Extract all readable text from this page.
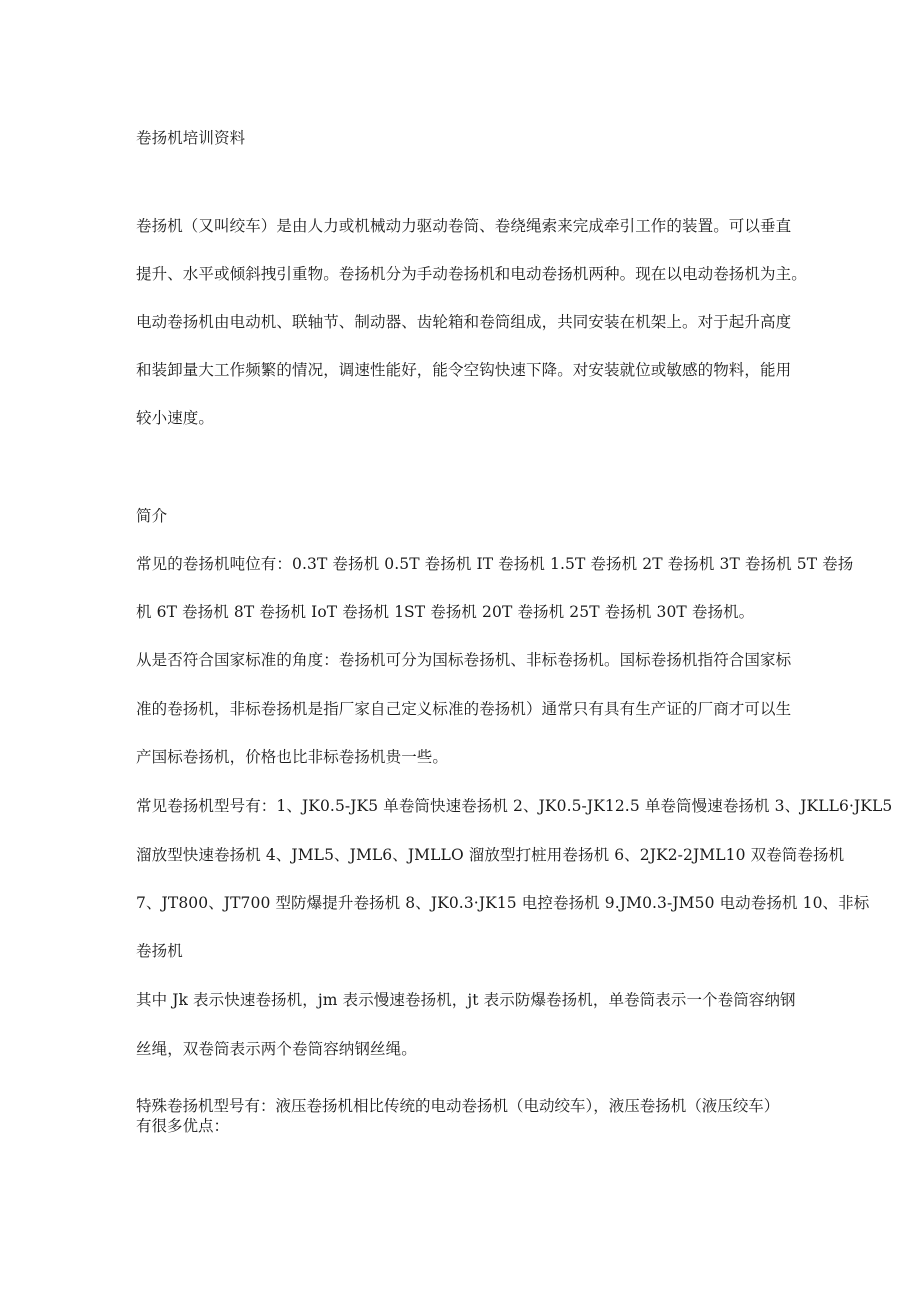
卷扬机培训资料
卷扬机（又叫绞车）是由人力或机械动力驱动卷筒、卷绕绳索来完成牵引工作的装置。可以垂直
提升、水平或倾斜拽引重物。卷扬机分为手动卷扬机和电动卷扬机两种。现在以电动卷扬机为主。
电动卷扬机由电动机、联轴节、制动器、齿轮箱和卷筒组成，共同安装在机架上。对于起升高度
和装卸量大工作频繁的情况，调速性能好，能令空钩快速下降。对安装就位或敏感的物料，能用
较小速度。
简介
常见的卷扬机吨位有：0.3T 卷扬机 0.5T 卷扬机 IT 卷扬机 1.5T 卷扬机 2T 卷扬机 3T 卷扬机 5T 卷扬
机 6T 卷扬机 8T 卷扬机 IoT 卷扬机 1ST 卷扬机 20T 卷扬机 25T 卷扬机 30T 卷扬机。
从是否符合国家标准的角度：卷扬机可分为国标卷扬机、非标卷扬机。国标卷扬机指符合国家标
准的卷扬机，非标卷扬机是指厂家自己定义标准的卷扬机）通常只有具有生产证的厂商才可以生
产国标卷扬机，价格也比非标卷扬机贵一些。
常见卷扬机型号有：1、JK0.5-JK5 单卷筒快速卷扬机 2、JK0.5-JK12.5 单卷筒慢速卷扬机 3、JKLL6·JKL5
溜放型快速卷扬机 4、JML5、JML6、JMLLO 溜放型打桩用卷扬机 6、2JK2-2JML10 双卷筒卷扬机
7、JT800、JT700 型防爆提升卷扬机 8、JK0.3·JK15 电控卷扬机 9.JM0.3-JM50 电动卷扬机 10、非标
卷扬机
其中 Jk 表示快速卷扬机，jm 表示慢速卷扬机，jt 表示防爆卷扬机，单卷筒表示一个卷筒容纳钢
丝绳，双卷筒表示两个卷筒容纳钢丝绳。
特殊卷扬机型号有：液压卷扬机相比传统的电动卷扬机（电动绞车），液压卷扬机（液压绞车）
有很多优点：
